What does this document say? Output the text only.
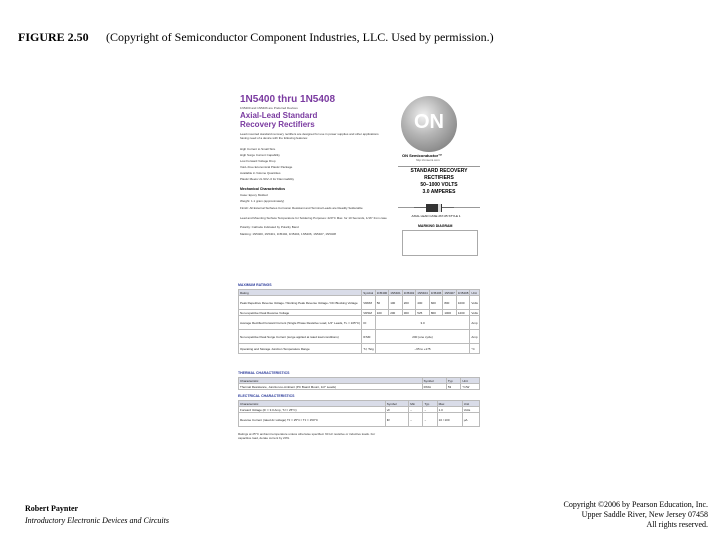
FIGURE 2.50 (Copyright of Semiconductor Component Industries, LLC. Used by permission.)
1N5400 thru 1N5408
1N5400 and 1N5406 are Preferred Devices
Axial-Lead Standard
Recovery Rectifiers
Lead mounted standard recovery rectifiers are designed for use in power supplies and other applications having need of a device with the following features:
High Current to Small Size
High Surge Current Capability
Low Forward Voltage Drop
Void−Free Economical Plastic Package
Available in Volume Quantities
Plastic Meets UL 94V−0 for Flammability
Mechanical Characteristics
Case: Epoxy Molded
Weight: 1.1 gram (approximately)
Finish: All External Surfaces Corrosion Resistant and Terminal Leads are Readily Solderable
Lead and Mounting Surface Temperature for Soldering Purposes: 220°C Max. for 10 Seconds, 1/16" from case
Polarity: Cathode Indicated by Polarity Band
Marking: 1N5400, 1N5401, 1N5402, 1N5404, 1N5406, 1N5407, 1N5408
ON
ON Semiconductor™
http://onsemi.com
STANDARD RECOVERY
RECTIFIERS
50−1000 VOLTS
3.0 AMPERES
AXIAL LEAD CASE 267-05 STYLE 1
MARKING DIAGRAM
MAXIMUM RATINGS
Rating	Symbol	1N5400	1N5401	1N5402	1N5404	1N5406	1N5407	1N5408	Unit
Peak Repetitive Reverse Voltage / Working Peak Reverse Voltage / DC Blocking Voltage	VRRM	50	100	200	400	600	800	1000	Volts
Non-repetitive Peak Reverse Voltage	VRSM	100	200	300	525	800	1000	1200	Volts
Average Rectified Forward Current (Single Phase Resistive Load, 1/2" Leads, TL = 105°C)	IO	3.0							Amp
Non-repetitive Peak Surge Current (surge applied at rated load conditions)	IFSM	200 (one cycle)							Amp
Operating and Storage Junction Temperature Range	TJ, Tstg	−65 to +175							°C
THERMAL CHARACTERISTICS
Characteristic	Symbol	Typ	Unit
Thermal Resistance, Junction-to-Ambient (PC Board Mount, 1/2" Leads)	RθJA	53	°C/W
ELECTRICAL CHARACTERISTICS
Characteristic	Symbol	Min	Typ	Max	Unit
Forward Voltage (iF = 3.0 Amp, TJ = 25°C)	vF	−	−	1.0	Volts
Reverse Current (rated dc voltage) TJ = 25°C / TJ = 150°C	IR	−	−	10 / 100	μA
Ratings at 25°C ambient temperature unless otherwise specified. 60 Hz resistive or inductive loads. For capacitive load, derate current by 20%.
Robert Paynter
Introductory Electronic Devices and Circuits
Copyright ©2006 by Pearson Education, Inc.
Upper Saddle River, New Jersey 07458
All rights reserved.
